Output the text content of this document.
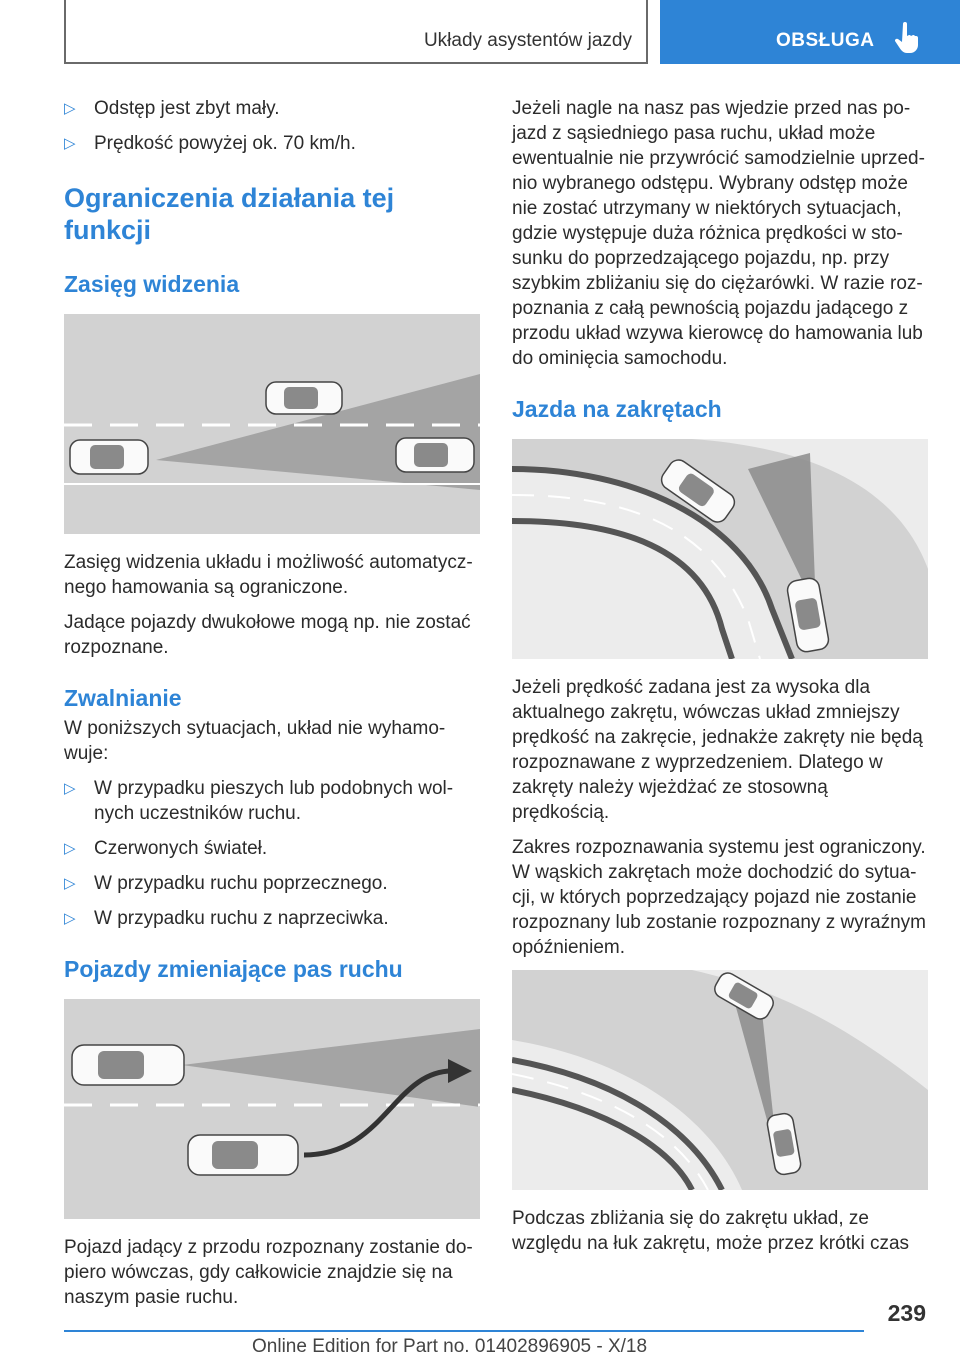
Układy asystentów jazdy	OBSŁUGA
▷ Odstęp jest zbyt mały.
▷ Prędkość powyżej ok. 70 km/h.
Ograniczenia działania tej funkcji
Zasięg widzenia

Zasięg widzenia układu i możliwość automatycznego hamowania są ograniczone.

Jadące pojazdy dwukołowe mogą np. nie zostać rozpoznane.

Zwalnianie

W poniższych sytuacjach, układ nie wyhamowuje:

▷ W przypadku pieszych lub podobnych wolnych uczestników ruchu.
▷ Czerwonych świateł.
▷ W przypadku ruchu poprzecznego.
▷ W przypadku ruchu z naprzeciwka.
Pojazdy zmieniające pas ruchu

Pojazd jadący z przodu rozpoznany zostanie dopiero wówczas, gdy całkowicie znajdzie się na naszym pasie ruchu.

Jeżeli nagle na nasz pas wjedzie przed nas pojazd z sąsiedniego pasa ruchu, układ może ewentualnie nie przywrócić samodzielnie uprzednio wybranego odstępu. Wybrany odstęp może nie zostać utrzymany w niektórych sytuacjach, gdzie występuje duża różnica prędkości w stosunku do poprzedzającego pojazdu, np. przy szybkim zbliżaniu się do ciężarówki. W razie rozpoznania z całą pewnością pojazdu jadącego z przodu układ wzywa kierowcę do hamowania lub do ominięcia samochodu.

Jazda na zakrętach

Jeżeli prędkość zadana jest za wysoka dla aktualnego zakrętu, wówczas układ zmniejszy prędkość na zakręcie, jednakże zakręty nie będą rozpoznawane z wyprzedzeniem. Dlatego w zakręty należy wjeżdżać ze stosowną prędkością.

Zakres rozpoznawania systemu jest ograniczony. W wąskich zakrętach może dochodzić do sytuacji, w których poprzedzający pojazd nie zostanie rozpoznany lub zostanie rozpoznany z wyraźnym opóźnieniem.

Podczas zbliżania się do zakrętu układ, ze względu na łuk zakrętu, może przez krótki czas

239
Online Edition for Part no. 01402896905 - X/18
